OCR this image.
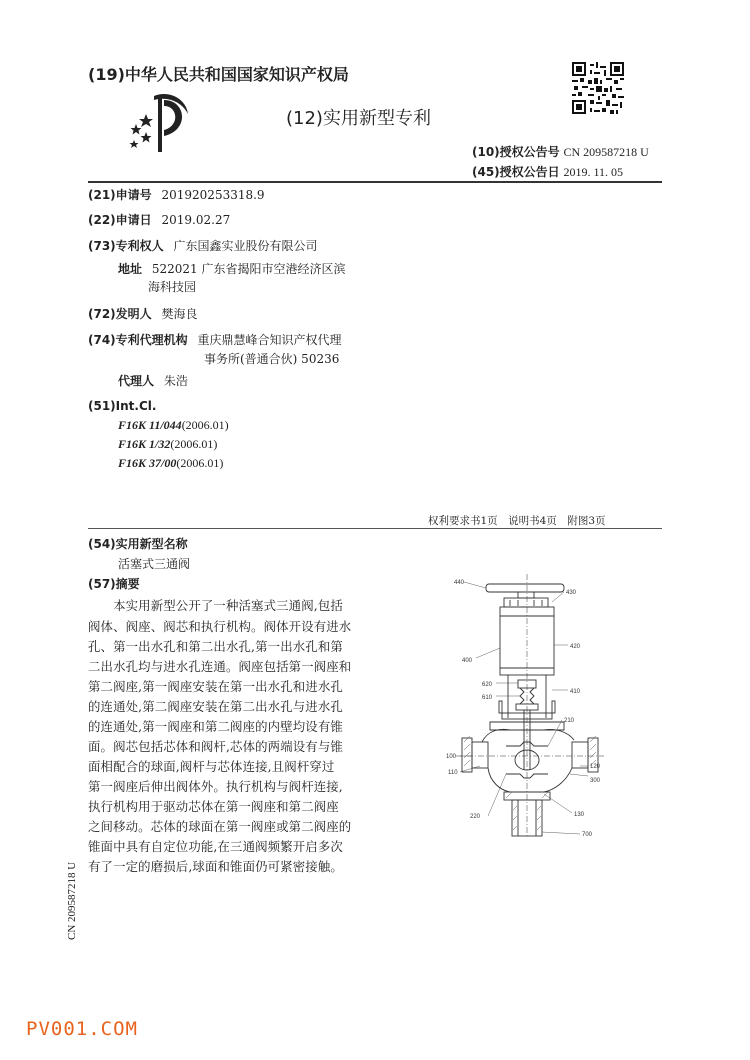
(19)中华人民共和国国家知识产权局
(12)实用新型专利
(10)授权公告号 CN 209587218 U
(45)授权公告日 2019. 11. 05
(21)申请号 201920253318.9
(22)申请日 2019.02.27
(73)专利权人 广东国鑫实业股份有限公司
地址 522021 广东省揭阳市空港经济区滨
海科技园
(72)发明人 樊海良
(74)专利代理机构 重庆鼎慧峰合知识产权代理
事务所(普通合伙) 50236
代理人 朱浩
(51)Int.Cl.
F16K 11/044(2006.01)
F16K 1/32(2006.01)
F16K 37/00(2006.01)
权利要求书1页　说明书4页　附图3页
(54)实用新型名称
活塞式三通阀
(57)摘要
　　本实用新型公开了一种活塞式三通阀,包括
阀体、阀座、阀芯和执行机构。阀体开设有进水
孔、第一出水孔和第二出水孔,第一出水孔和第
二出水孔均与进水孔连通。阀座包括第一阀座和
第二阀座,第一阀座安装在第一出水孔和进水孔
的连通处,第二阀座安装在第二出水孔与进水孔
的连通处,第一阀座和第二阀座的内壁均设有锥
面。阀芯包括芯体和阀杆,芯体的两端设有与锥
面相配合的球面,阀杆与芯体连接,且阀杆穿过
第一阀座后伸出阀体外。执行机构与阀杆连接,
执行机构用于驱动芯体在第一阀座和第二阀座
之间移动。芯体的球面在第一阀座或第二阀座的
锥面中具有自定位功能,在三通阀频繁开启多次
有了一定的磨损后,球面和锥面仍可紧密接触。
CN 209587218 U
PV001.COM
440
430
420
400
620
610
410
210
100
110
120
300
220	130
700
